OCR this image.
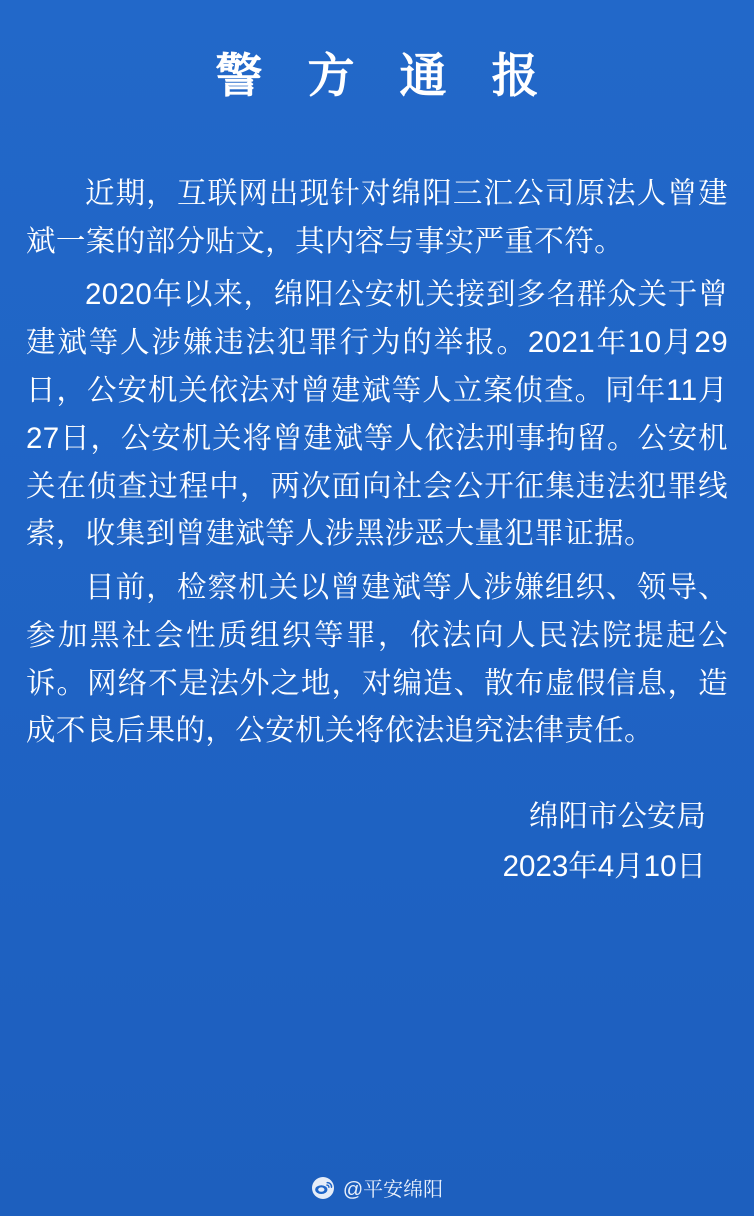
警 方 通 报

近期，互联网出现针对绵阳三汇公司原法人曾建斌一案的部分贴文，其内容与事实严重不符。

2020年以来，绵阳公安机关接到多名群众关于曾建斌等人涉嫌违法犯罪行为的举报。2021年10月29日，公安机关依法对曾建斌等人立案侦查。同年11月27日，公安机关将曾建斌等人依法刑事拘留。公安机关在侦查过程中，两次面向社会公开征集违法犯罪线索，收集到曾建斌等人涉黑涉恶大量犯罪证据。

目前，检察机关以曾建斌等人涉嫌组织、领导、参加黑社会性质组织等罪，依法向人民法院提起公诉。网络不是法外之地，对编造、散布虚假信息，造成不良后果的，公安机关将依法追究法律责任。

绵阳市公安局
2023年4月10日
@平安绵阳
